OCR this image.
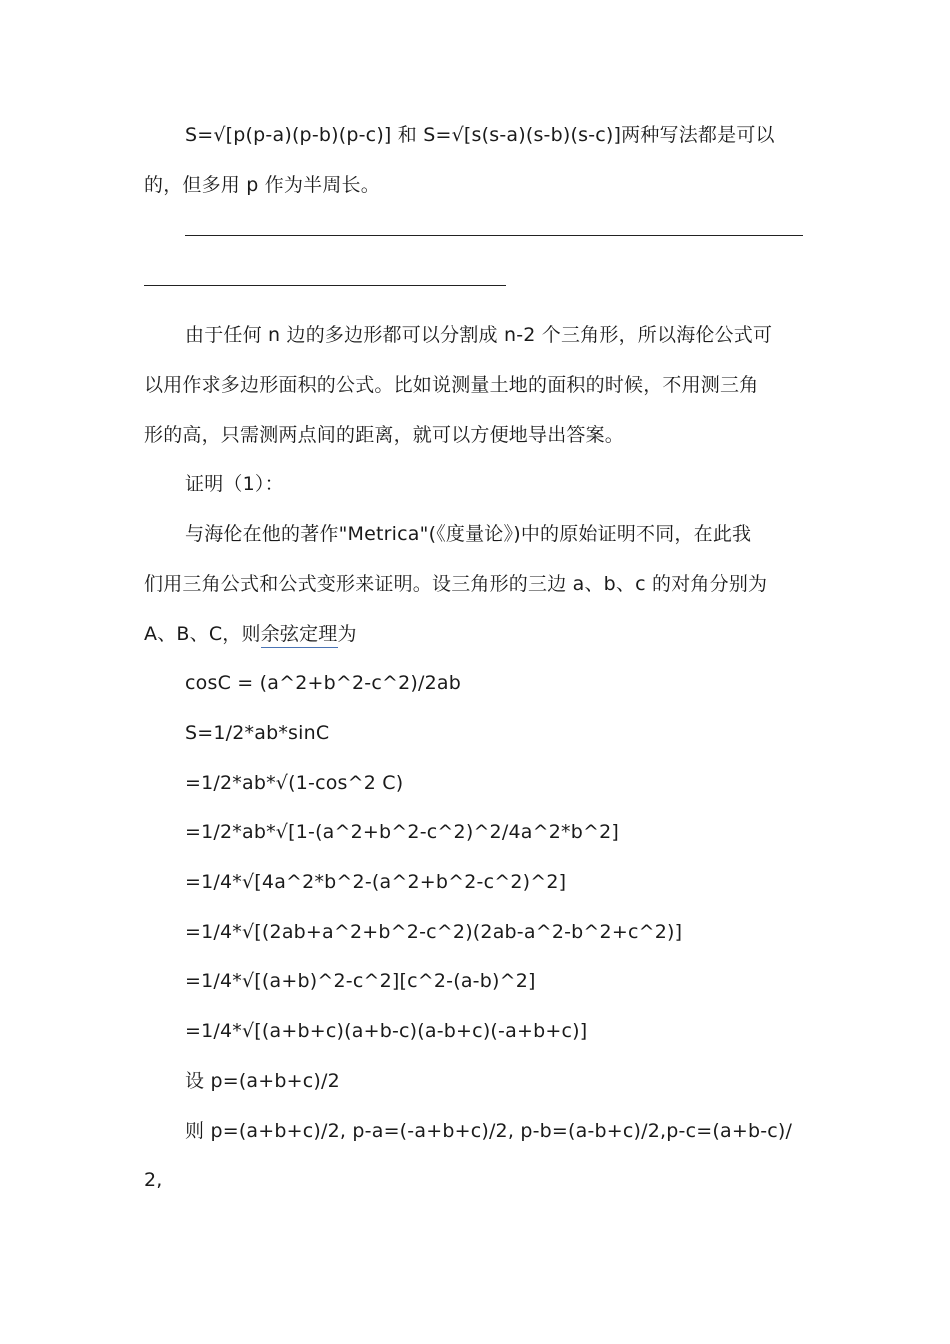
S=√[p(p-a)(p-b)(p-c)] 和 S=√[s(s-a)(s-b)(s-c)]两种写法都是可以
的，但多用 p 作为半周长。
由于任何 n 边的多边形都可以分割成 n-2 个三角形，所以海伦公式可
以用作求多边形面积的公式。比如说测量土地的面积的时候，不用测三角
形的高，只需测两点间的距离，就可以方便地导出答案。
证明（1）：
与海伦在他的著作"Metrica"(《度量论》)中的原始证明不同，在此我
们用三角公式和公式变形来证明。设三角形的三边 a、b、c 的对角分别为
A、B、C，则余弦定理为
cosC = (a^2+b^2-c^2)/2ab
S=1/2*ab*sinC
=1/2*ab*√(1-cos^2 C)
=1/2*ab*√[1-(a^2+b^2-c^2)^2/4a^2*b^2]
=1/4*√[4a^2*b^2-(a^2+b^2-c^2)^2]
=1/4*√[(2ab+a^2+b^2-c^2)(2ab-a^2-b^2+c^2)]
=1/4*√[(a+b)^2-c^2][c^2-(a-b)^2]
=1/4*√[(a+b+c)(a+b-c)(a-b+c)(-a+b+c)]
设 p=(a+b+c)/2
则 p=(a+b+c)/2, p-a=(-a+b+c)/2, p-b=(a-b+c)/2,p-c=(a+b-c)/
2,
